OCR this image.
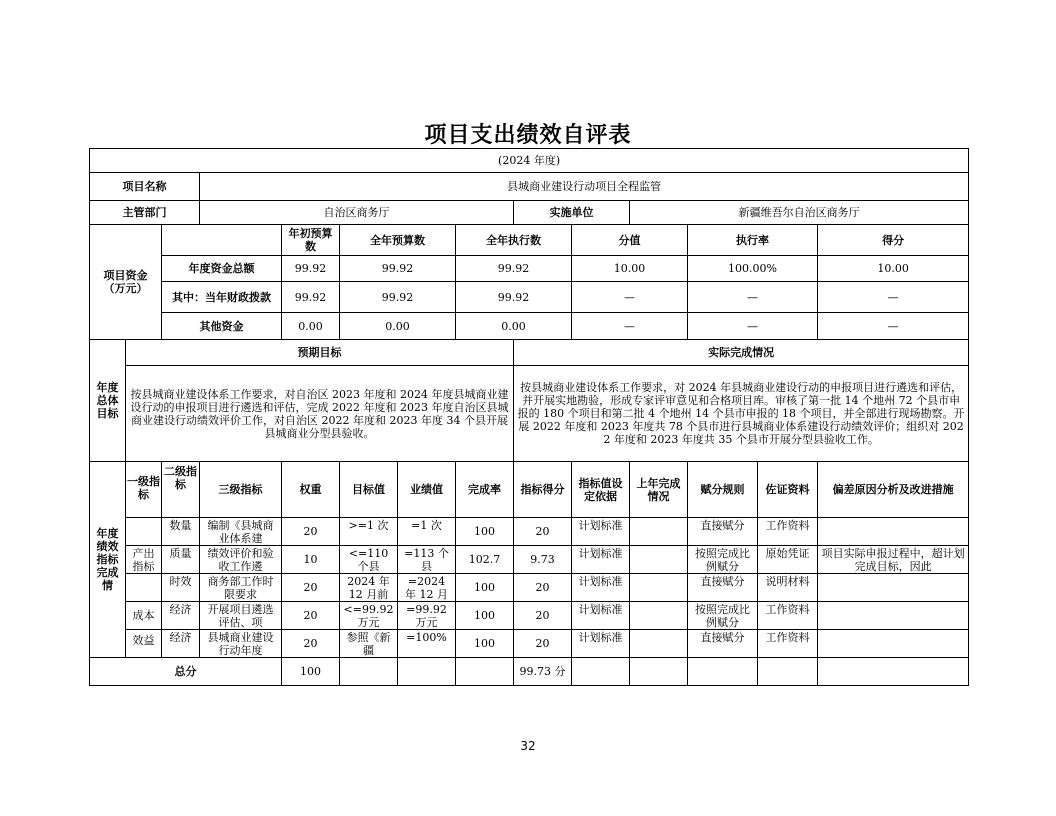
项目支出绩效自评表
(2024 年度)													
项目名称			县城商业建设行动项目全程监管										
主管部门			自治区商务厅					实施单位		新疆维吾尔自治区商务厅			
项目资金（万元）				年初预算数	全年预算数		全年执行数		分值		执行率		得分
		年度资金总额		99.92	99.92		99.92		10.00		100.00%		10.00
		其中：当年财政拨款		99.92	99.92		99.92		—		—		—
		其他资金		0.00	0.00		0.00		—		—		—
年度总体目标	预期目标							实际完成情况					
	按县城商业建设体系工作要求，对自治区 2023 年度和 2024 年度县城商业建设行动的申报项目进行遴选和评估，完成 2022 年度和 2023 年度自治区县城商业建设行动绩效评价工作，对自治区 2022 年度和 2023 年度 34 个县开展县城商业分型县验收。							按县城商业建设体系工作要求，对 2024 年县城商业建设行动的申报项目进行遴选和评估，并开展实地勘验，形成专家评审意见和合格项目库。审核了第一批 14 个地州 72 个县市申报的 180 个项目和第二批 4 个地州 14 个县市申报的 18 个项目，并全部进行现场勘察。开展 2022 年度和 2023 年度共 78 个县市进行县城商业体系建设行动绩效评价；组织对 2022 年度和 2023 年度共 35 个县市开展分型县验收工作。					
年度绩效指标完成情	一级指标	二级指标	三级指标	权重	目标值	业绩值	完成率	指标得分	指标值设定依据	上年完成情况	赋分规则	佐证资料	偏差原因分析及改进措施

		数量	编制《县城商业体系建	20	>=1 次	=1 次	100	20	计划标准		直接赋分	工作资料	

	产出指标	质量	绩效评价和验收工作遴	10	<=110 个县	=113 个县	102.7	9.73	计划标准		按照完成比例赋分	原始凭证	项目实际申报过程中，超计划完成目标，因此

		时效	商务部工作时限要求	20	2024 年 12 月前	=2024 年 12 月	100	20	计划标准		直接赋分	说明材料	

	成本	经济	开展项目遴选评估、项	20	<=99.92 万元	=99.92 万元	100	20	计划标准		按照完成比例赋分	工作资料	

	效益	经济	县城商业建设行动年度	20	参照《新疆	=100%	100	20	计划标准		直接赋分	工作资料	

总分				100				99.73 分					
32
